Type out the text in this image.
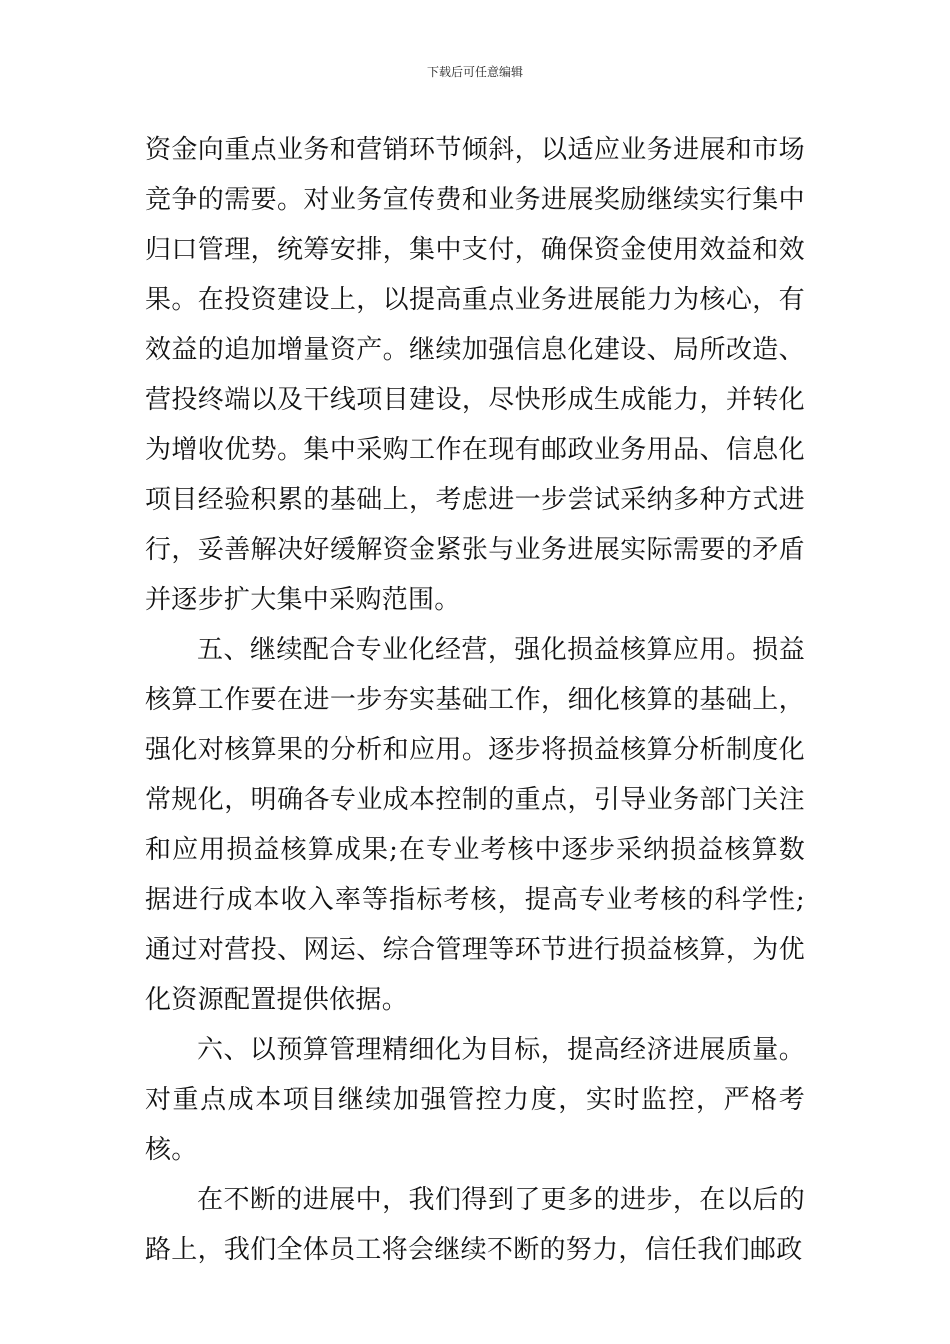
下载后可任意编辑

资金向重点业务和营销环节倾斜，以适应业务进展和市场竞争的需要。对业务宣传费和业务进展奖励继续实行集中归口管理，统筹安排，集中支付，确保资金使用效益和效果。在投资建设上，以提高重点业务进展能力为核心，有效益的追加增量资产。继续加强信息化建设、局所改造、营投终端以及干线项目建设，尽快形成生成能力，并转化为增收优势。集中采购工作在现有邮政业务用品、信息化项目经验积累的基础上，考虑进一步尝试采纳多种方式进行，妥善解决好缓解资金紧张与业务进展实际需要的矛盾并逐步扩大集中采购范围。

五、继续配合专业化经营，强化损益核算应用。损益核算工作要在进一步夯实基础工作，细化核算的基础上，强化对核算果的分析和应用。逐步将损益核算分析制度化常规化，明确各专业成本控制的重点，引导业务部门关注和应用损益核算成果;在专业考核中逐步采纳损益核算数据进行成本收入率等指标考核，提高专业考核的科学性;通过对营投、网运、综合管理等环节进行损益核算，为优化资源配置提供依据。

六、以预算管理精细化为目标，提高经济进展质量。对重点成本项目继续加强管控力度，实时监控，严格考核。

在不断的进展中，我们得到了更多的进步，在以后的路上，我们全体员工将会继续不断的努力，信任我们邮政
